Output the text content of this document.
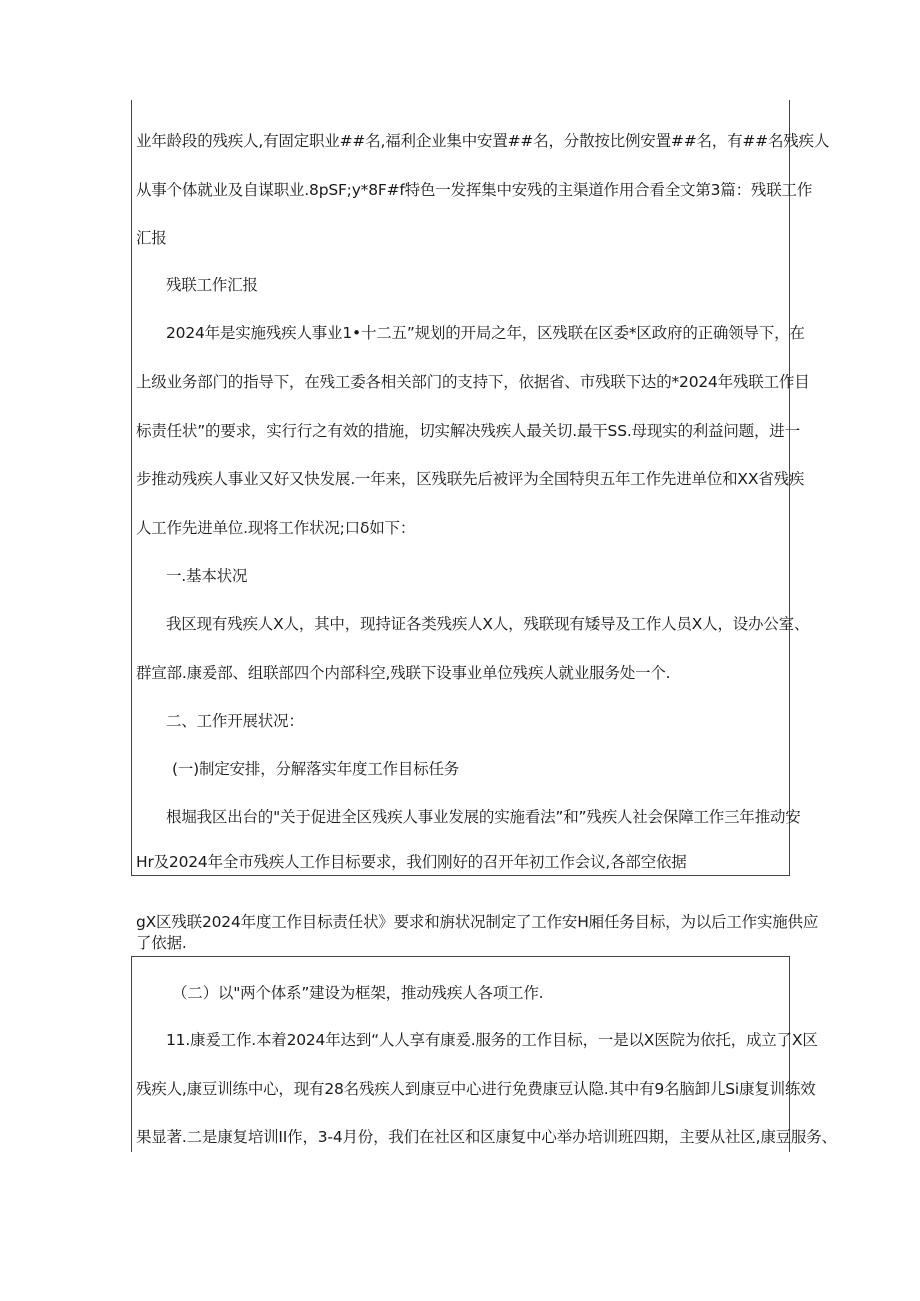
业年龄段的残疾人,有固定职业##名,福利企业集中安置##名，分散按比例安置##名，有##名残疾人
从事个体就业及自谋职业.8pSF;y*8F#f特色一发挥集中安残的主渠道作用合看全文第3篇：残联工作
汇报
残联工作汇报
2024年是实施残疾人事业1•十二五”规划的开局之年，区残联在区委*区政府的正确领导下，在
上级业务部门的指导下，在残工委各相关部门的支持下，依据省、市残联下达的*2024年残联工作目
标责任状”的要求，实行行之有效的措施，切实解决残疾人最关切.最干SS.母现实的利益问题，进一
步推动残疾人事业又好又快发展.一年来，区残联先后被评为全国特臾五年工作先进单位和XX省残疾
人工作先进单位.现将工作状况;口δ如下：
一.基本状况
我区现有残疾人X人，其中，现持证各类残疾人X人，残联现有矮导及工作人员X人，设办公室、
群宣部.康爰部、组联部四个内部科空,残联下设事业单位残疾人就业服务处一个.
二、工作开展状况：
(一)制定安排，分解落实年度工作目标任务
根堀我区出台的"关于促进全区残疾人事业发展的实施看法”和”残疾人社会保障工作三年推动安
Hr及2024年全市残疾人工作目标要求，我们刚好的召开年初工作会议,各部空依据
gX区残联2024年度工作目标责任状》要求和旃状况制定了工作安H厢任务目标，为以后工作实施供应
了依据.
（二）以"两个体系”建设为框架，推动残疾人各项工作.
11.康爰工作.本着2024年达到“人人享有康爰.服务的工作目标，一是以X医院为依托，成立了X区
残疾人,康豆训练中心，现有28名残疾人到康豆中心进行免费康豆认隐.其中有9名脑卸儿Si康复训练效
果显著.二是康复培训II作，3-4月份，我们在社区和区康复中心举办培训班四期，主要从社区,康豆服务、
